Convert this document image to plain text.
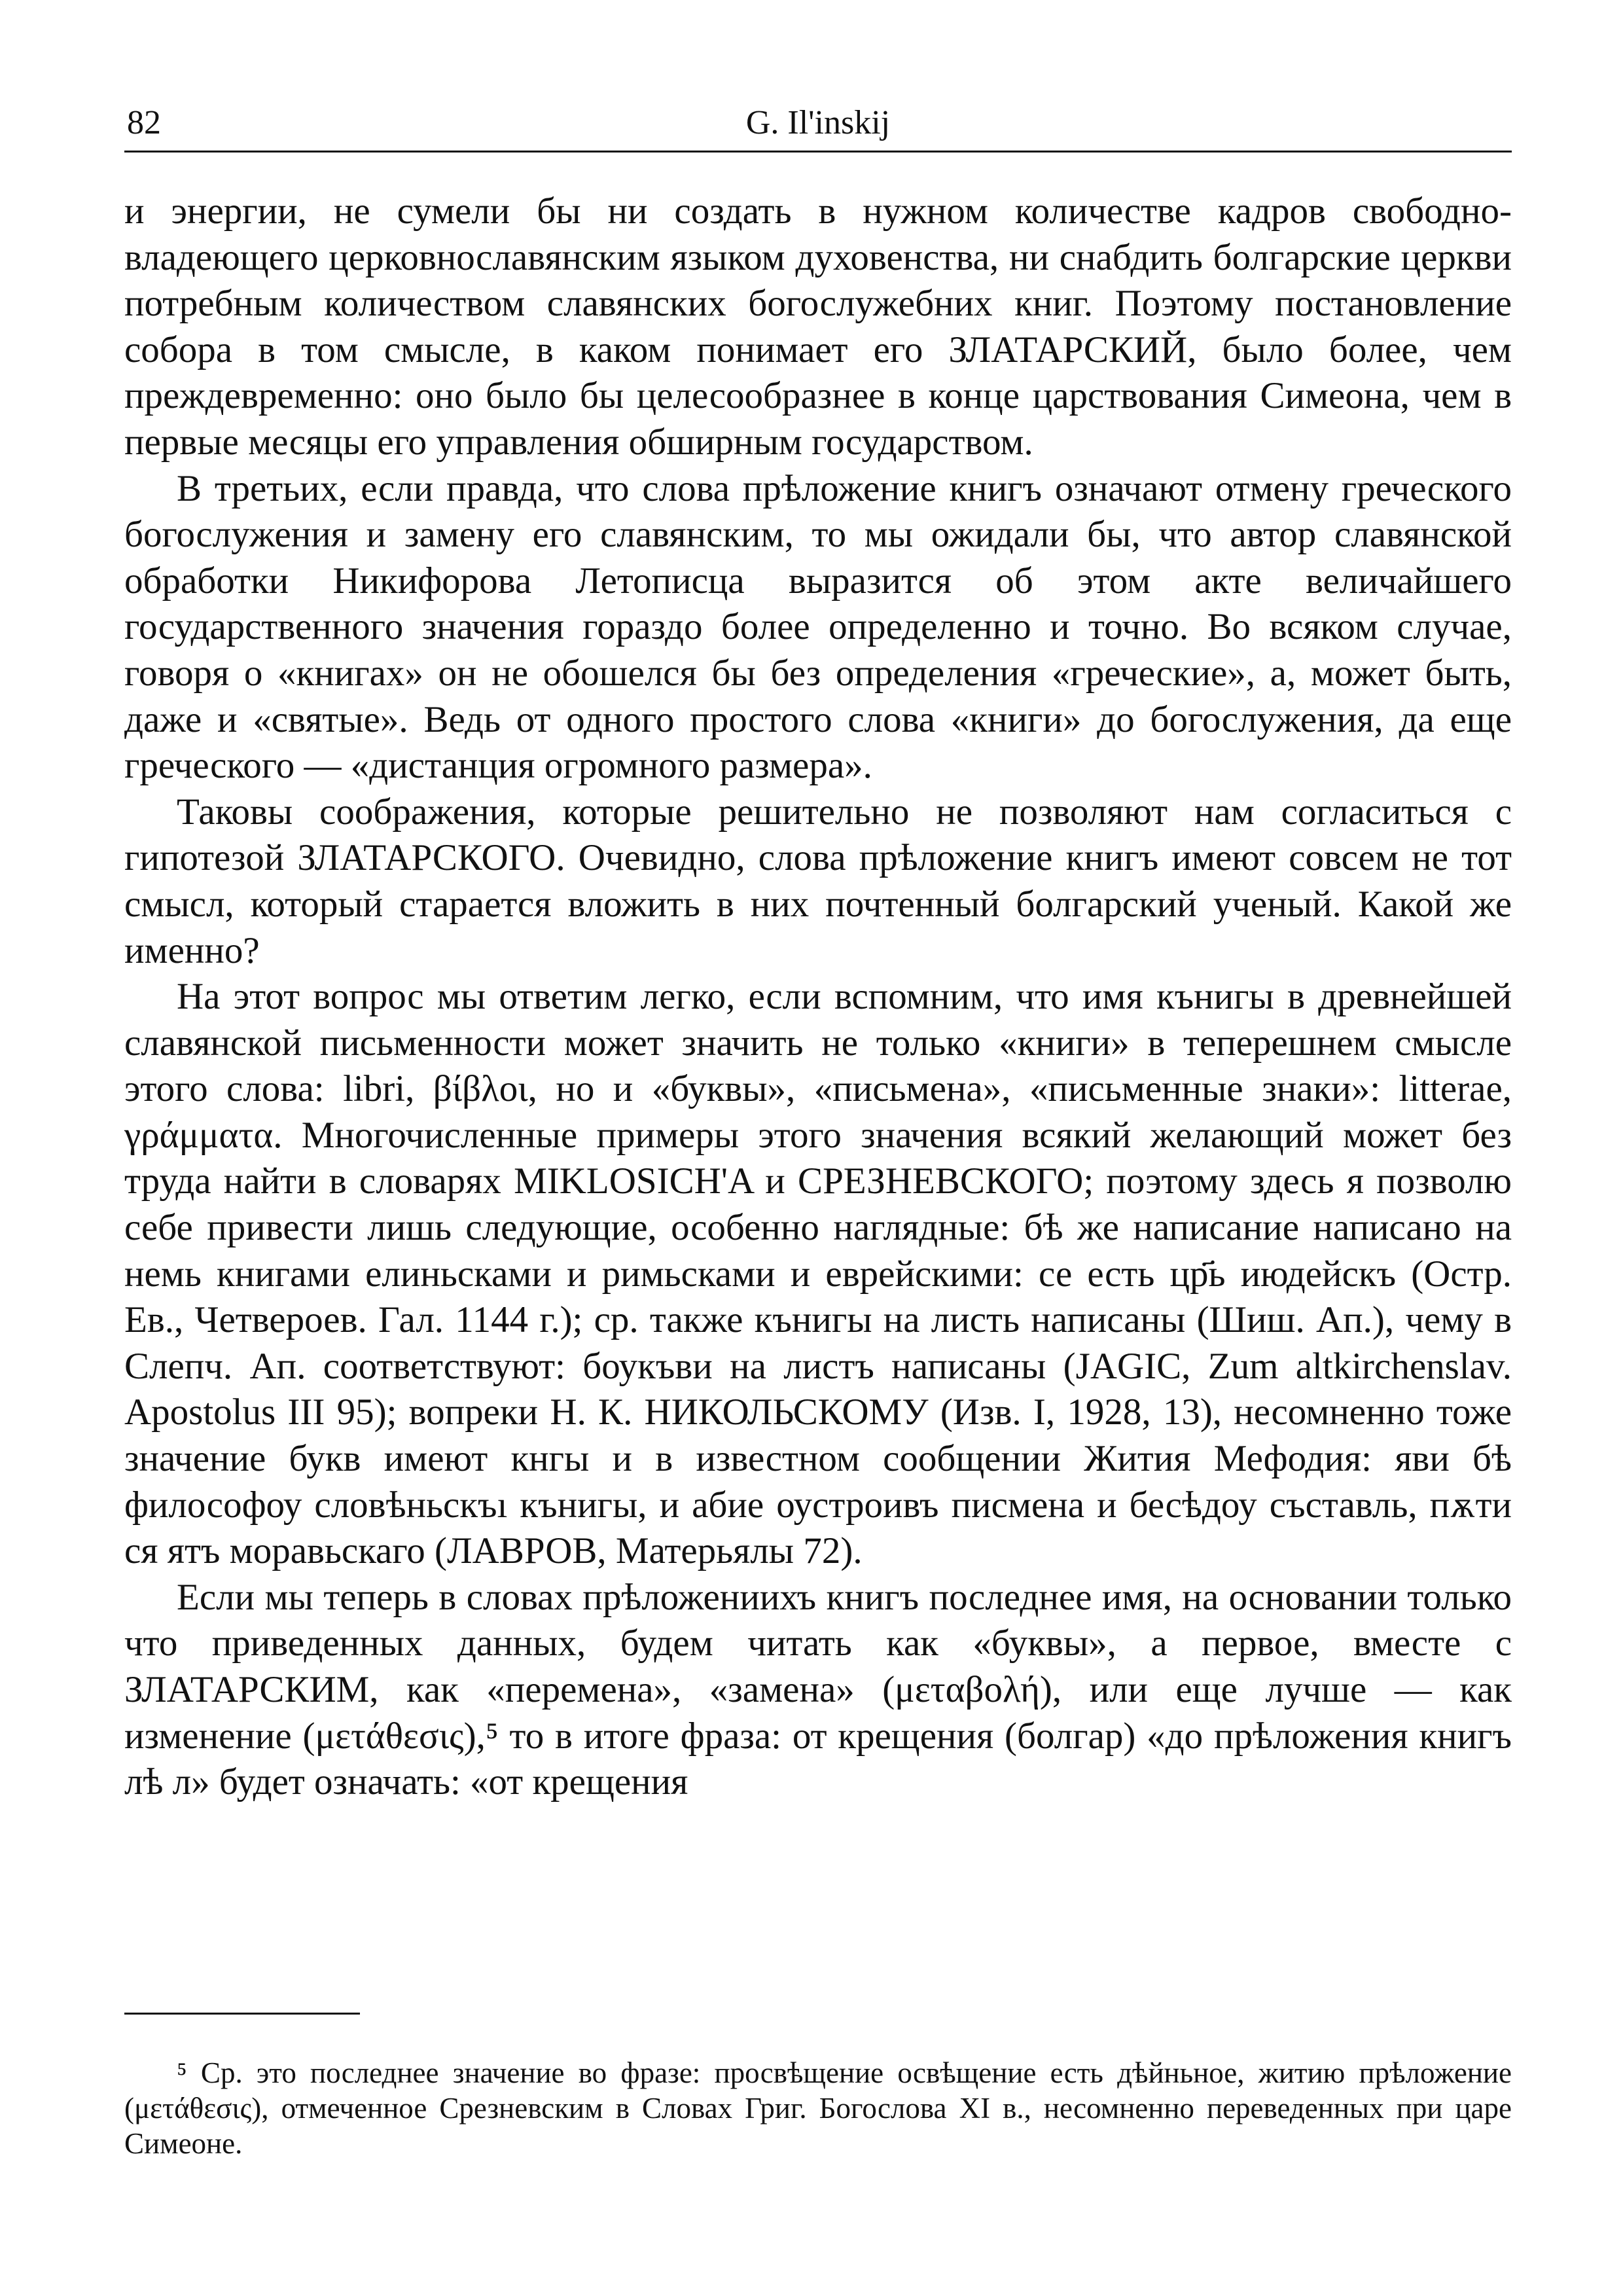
82	G. Il'inskij

и энергии, не сумели бы ни создать в нужном количестве кадров свободно-владеющего церковнославянским языком духовенства, ни снабдить болгарские церкви потребным количеством славянских богослужебних книг. Поэтому постановление собора в том смысле, в каком понимает его ЗЛАТАРСКИЙ, было более, чем преждевременно: оно было бы целесообразнее в конце царствования Симеона, чем в первые месяцы его управления обширным государством.

В третьих, если правда, что слова прѣложение книгъ означают отмену греческого богослужения и замену его славянским, то мы ожидали бы, что автор славянской обработки Никифорова Летописца выразится об этом акте величайшего государственного значения гораздо более определенно и точно. Во всяком случае, говоря о «книгах» он не обошелся бы без определения «греческие», а, может быть, даже и «святые». Ведь от одного простого слова «книги» до богослужения, да еще греческого — «дистанция огромного размера».

Таковы соображения, которые решительно не позволяют нам согласиться с гипотезой ЗЛАТАРСКОГО. Очевидно, слова прѣложение книгъ имеют совсем не тот смысл, который старается вложить в них почтенный болгарский ученый. Какой же именно?

На этот вопрос мы ответим легко, если вспомним, что имя кънигы в древнейшей славянской письменности может значить не только «книги» в теперешнем смысле этого слова: libri, βίβλοι, но и «буквы», «письмена», «письменные знаки»: litterae, γράμματα. Многочисленные примеры этого значения всякий желающий может без труда найти в словарях MIKLOSICH'A и СРЕЗНЕВСКОГО; поэтому здесь я позволю себе привести лишь следующие, особенно наглядные: бѣ же написание написано на немь книгами елиньсками и римьсками и еврейскими: се есть цр҃ь июдейскъ (Остр. Ев., Четвероев. Гал. 1144 г.); ср. также кънигы на листь написаны (Шиш. Ап.), чему в Слепч. Ап. соответствуют: боукъви на листъ написаны (JAGIC, Zum altkirchenslav. Apostolus III 95); вопреки Н. К. НИКОЛЬСКОМУ (Изв. I, 1928, 13), несомненно тоже значение букв имеют кнгы и в известном сообщении Жития Мефодия: яви бѣ философоу словѣньскъı кънигы, и абие оустроивъ писмена и бесѣдоу съставль, пѫти ся ятъ моравьскаго (ЛАВРОВ, Матерьялы 72).

Если мы теперь в словах прѣложениихъ книгъ последнее имя, на основании только что приведенных данных, будем читать как «буквы», а первое, вместе с ЗЛАТАРСКИМ, как «перемена», «замена» (μεταβολή), или еще лучше — как изменение (μετάθεσις),⁵ то в итоге фраза: от крещения (болгар) «до прѣложения книгъ лѣ л» будет означать: «от крещения

⁵ Ср. это последнее значение во фразе: просвѣщение освѣщение есть дѣйньное, житию прѣложение (μετάθεσις), отмеченное Срезневским в Словах Григ. Богослова XI в., несомненно переведенных при царе Симеоне.
